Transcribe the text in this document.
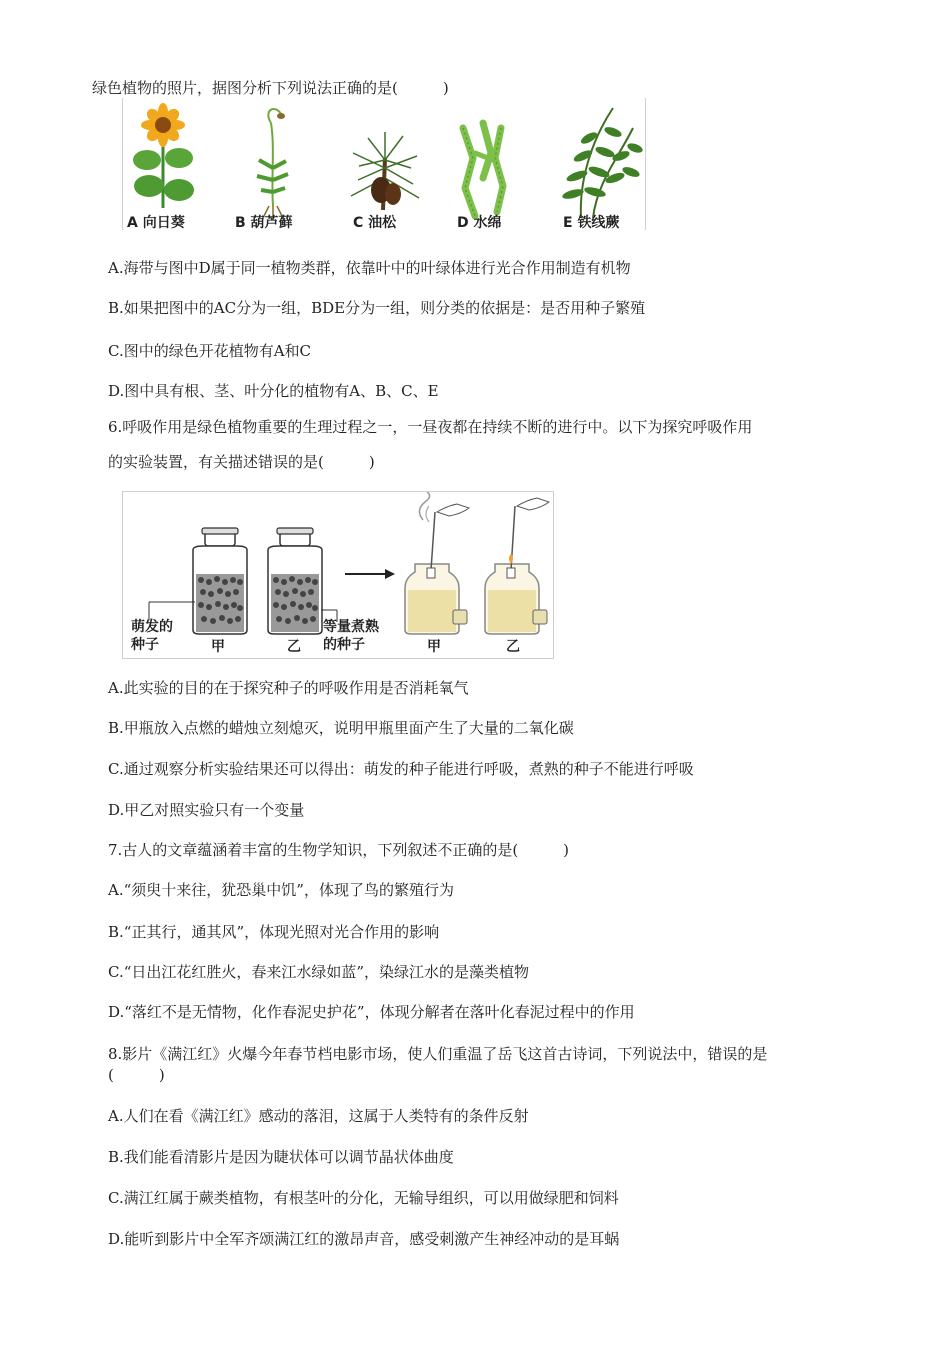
绿色植物的照片，据图分析下列说法正确的是(　　　)
A 向日葵	B 葫芦藓	C 油松	D 水绵	E 铁线蕨
A.海带与图中D属于同一植物类群，依靠叶中的叶绿体进行光合作用制造有机物
B.如果把图中的AC分为一组，BDE分为一组，则分类的依据是：是否用种子繁殖
C.图中的绿色开花植物有A和C
D.图中具有根、茎、叶分化的植物有A、B、C、E
6.呼吸作用是绿色植物重要的生理过程之一，一昼夜都在持续不断的进行中。以下为探究呼吸作用
的实验装置，有关描述错误的是(　　　)
萌发的
种子	甲	乙
等量煮熟
的种子	甲	乙
A.此实验的目的在于探究种子的呼吸作用是否消耗氧气
B.甲瓶放入点燃的蜡烛立刻熄灭，说明甲瓶里面产生了大量的二氧化碳
C.通过观察分析实验结果还可以得出：萌发的种子能进行呼吸，煮熟的种子不能进行呼吸
D.甲乙对照实验只有一个变量
7.古人的文章蕴涵着丰富的生物学知识，下列叙述不正确的是(　　　)
A.“须臾十来往，犹恐巢中饥”，体现了鸟的繁殖行为
B.“正其行，通其风”，体现光照对光合作用的影响
C.“日出江花红胜火，春来江水绿如蓝”，染绿江水的是藻类植物
D.“落红不是无情物，化作春泥史护花”，体现分解者在落叶化春泥过程中的作用
8.影片《满江红》火爆今年春节档电影市场，使人们重温了岳飞这首古诗词，下列说法中，错误的是
(　　　)
A.人们在看《满江红》感动的落泪，这属于人类特有的条件反射
B.我们能看清影片是因为睫状体可以调节晶状体曲度
C.满江红属于蕨类植物，有根茎叶的分化，无输导组织，可以用做绿肥和饲料
D.能听到影片中全军齐颂满江红的激昂声音，感受刺激产生神经冲动的是耳蜗
